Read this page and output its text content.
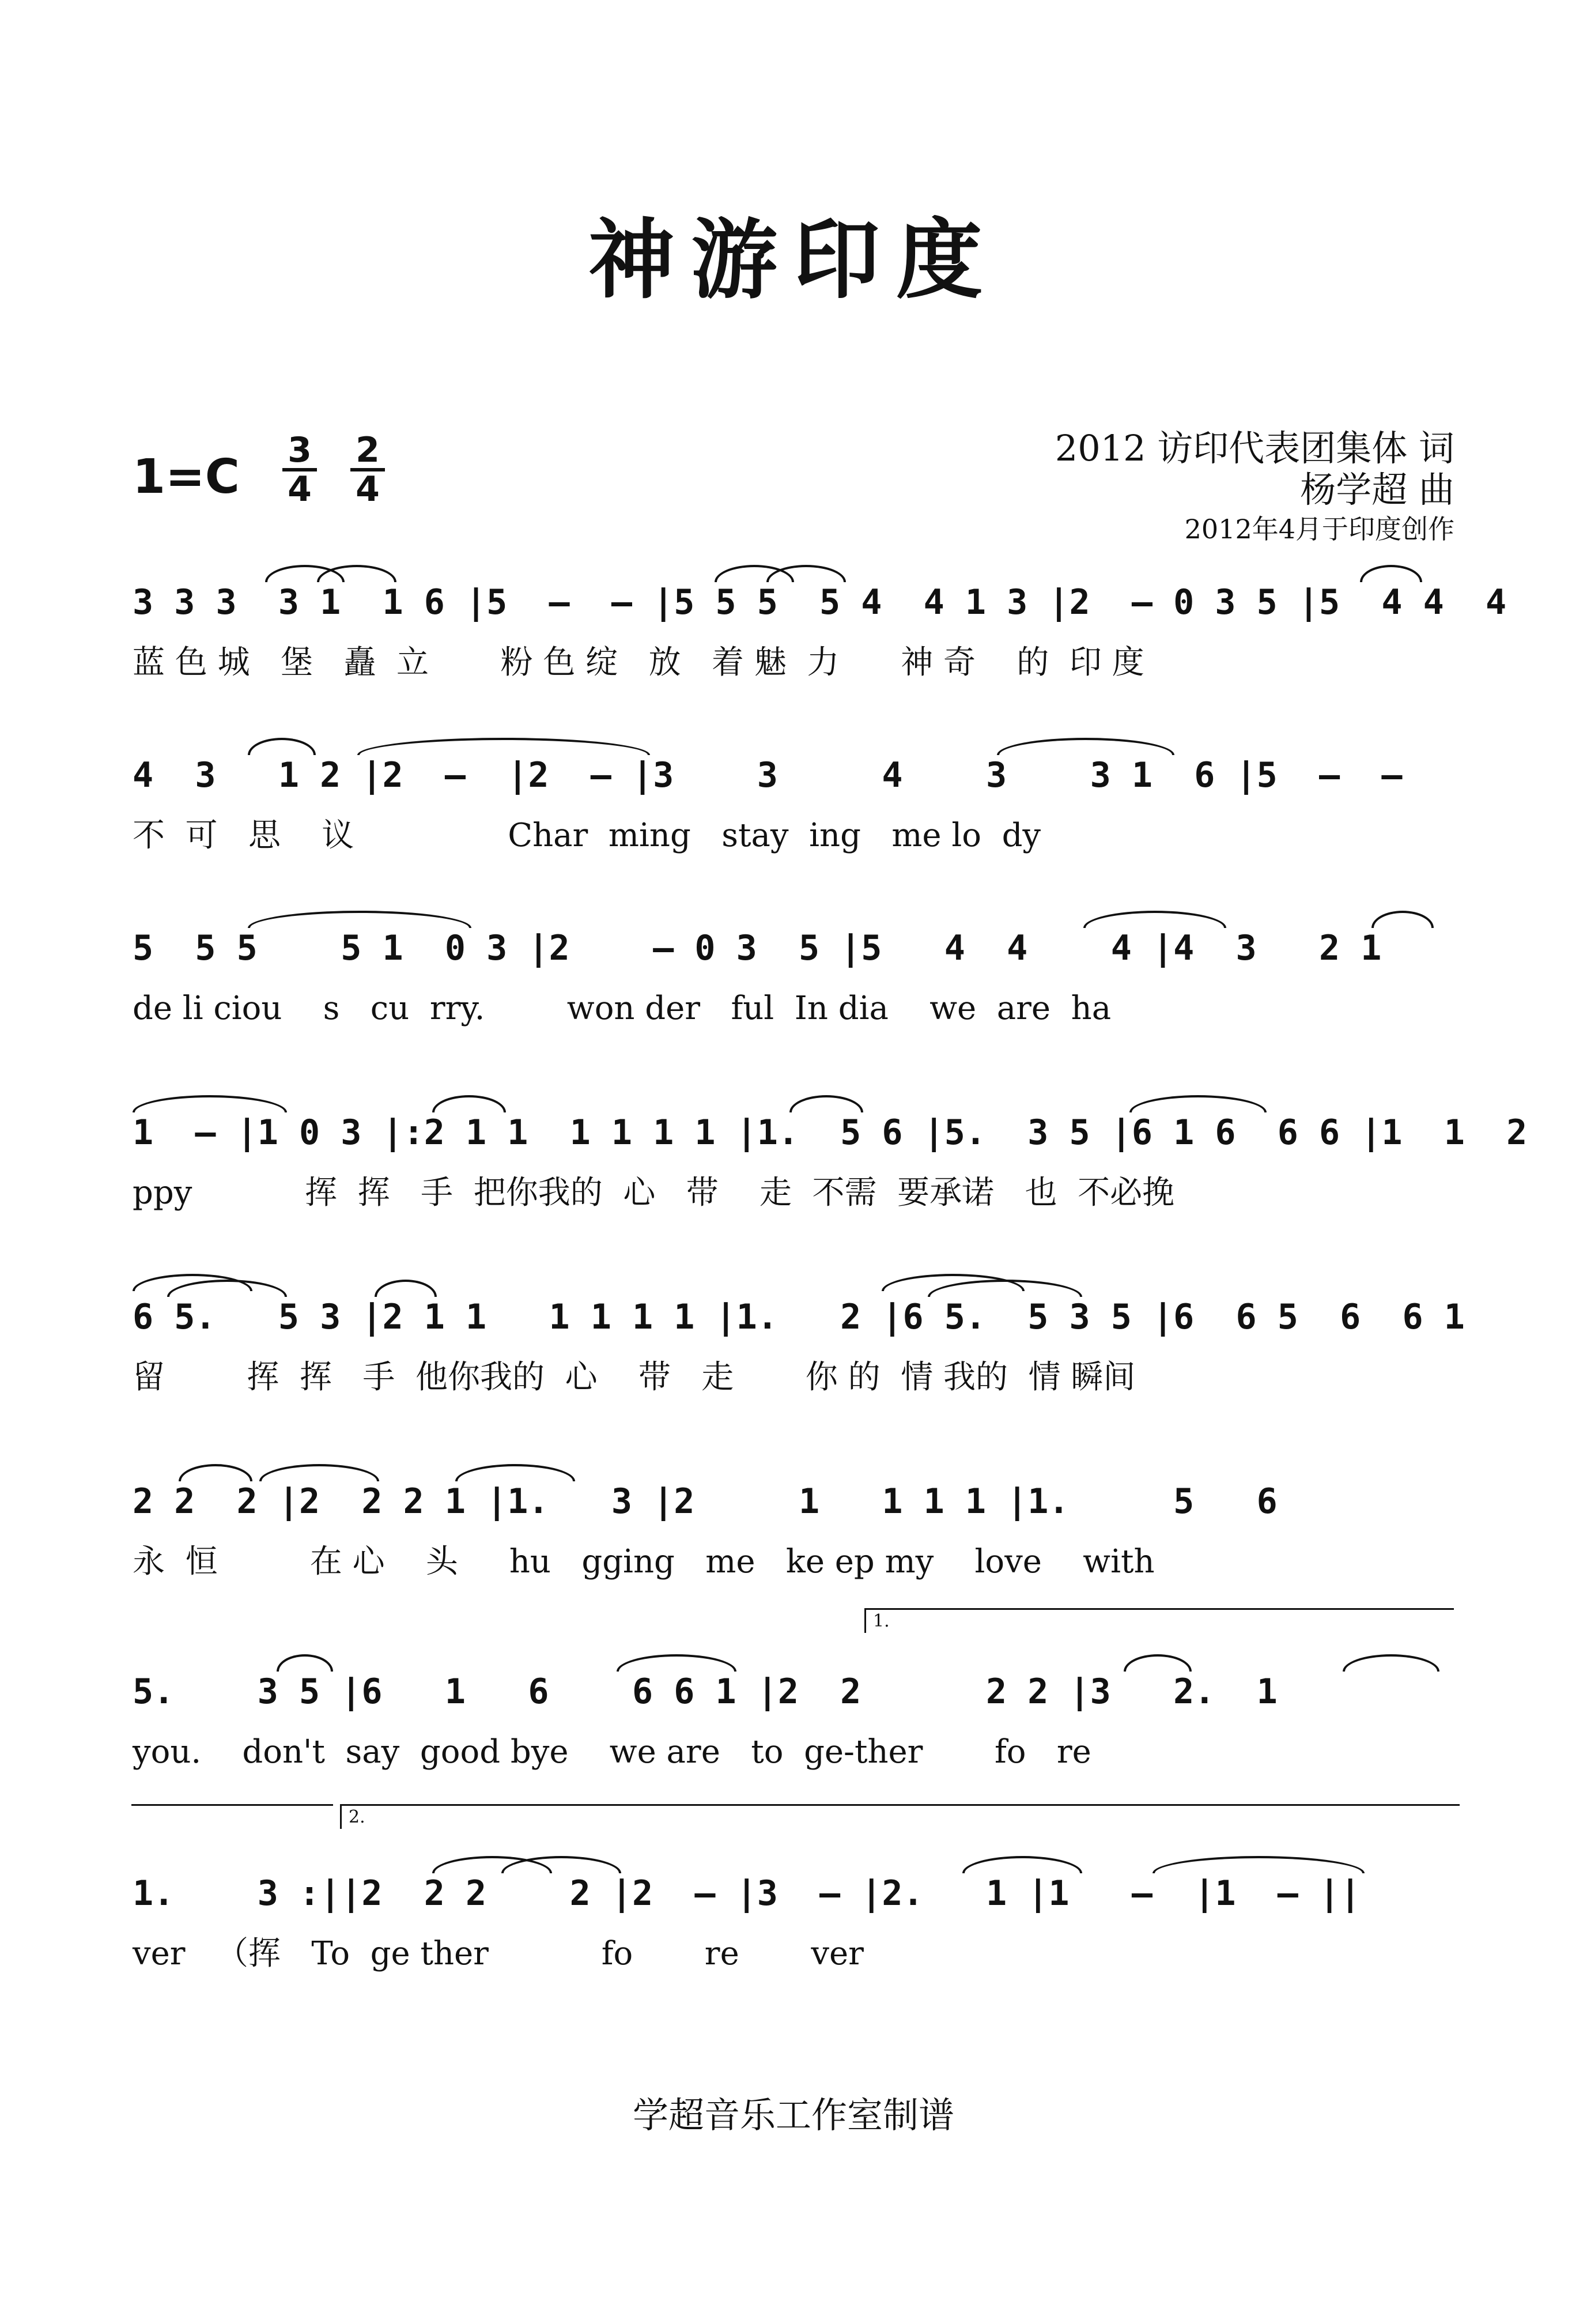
神游印度
1=C 3
4
2
4
2012 访印代表团集体 词
杨学超 曲
2012年4月于印度创作
3 3 3  3 1  1 6 |5  –  – |5 5 5  5 4  4 1 3 |2  – 0 3 5 |5  4 4  4
蓝 色 城   堡   矗  立       粉 色 绽   放   着 魅  力      神 奇    的  印 度
4  3   1 2 |2  –  |2  – |3    3     4    3    3 1  6 |5  –  –
不  可   思    议               Char  ming   stay  ing   me lo  dy
5  5 5    5 1  0 3 |2    – 0 3  5 |5   4  4    4 |4  3   2 1
de li ciou    s   cu  rry.        won der   ful  In dia    we  are  ha
1  – |1 0 3 |:2 1 1  1 1 1 1 |1.  5 6 |5.  3 5 |6 1 6  6 6 |1  1  2
ppy           挥  挥   手  把你我的  心   带    走  不需  要承诺   也  不必挽
6 5.   5 3 |2 1 1   1 1 1 1 |1.   2 |6 5.  5 3 5 |6  6 5  6  6 1
留        挥  挥   手  他你我的  心    带   走       你 的  情 我的  情 瞬间
2 2  2 |2  2 2 1 |1.   3 |2     1   1 1 1 |1.     5   6
永  恒         在 心    头     hu   gging   me   ke ep my    love    with
1.
5.    3 5 |6   1   6    6 6 1 |2  2      2 2 |3   2.  1
you.    don't  say  good bye    we are   to  ge-ther       fo   re
2.
1.    3 :||2  2 2    2 |2  – |3  – |2.   1 |1   –  |1  – ||
ver   （挥   To  ge ther           fo       re       ver
学超音乐工作室制谱
